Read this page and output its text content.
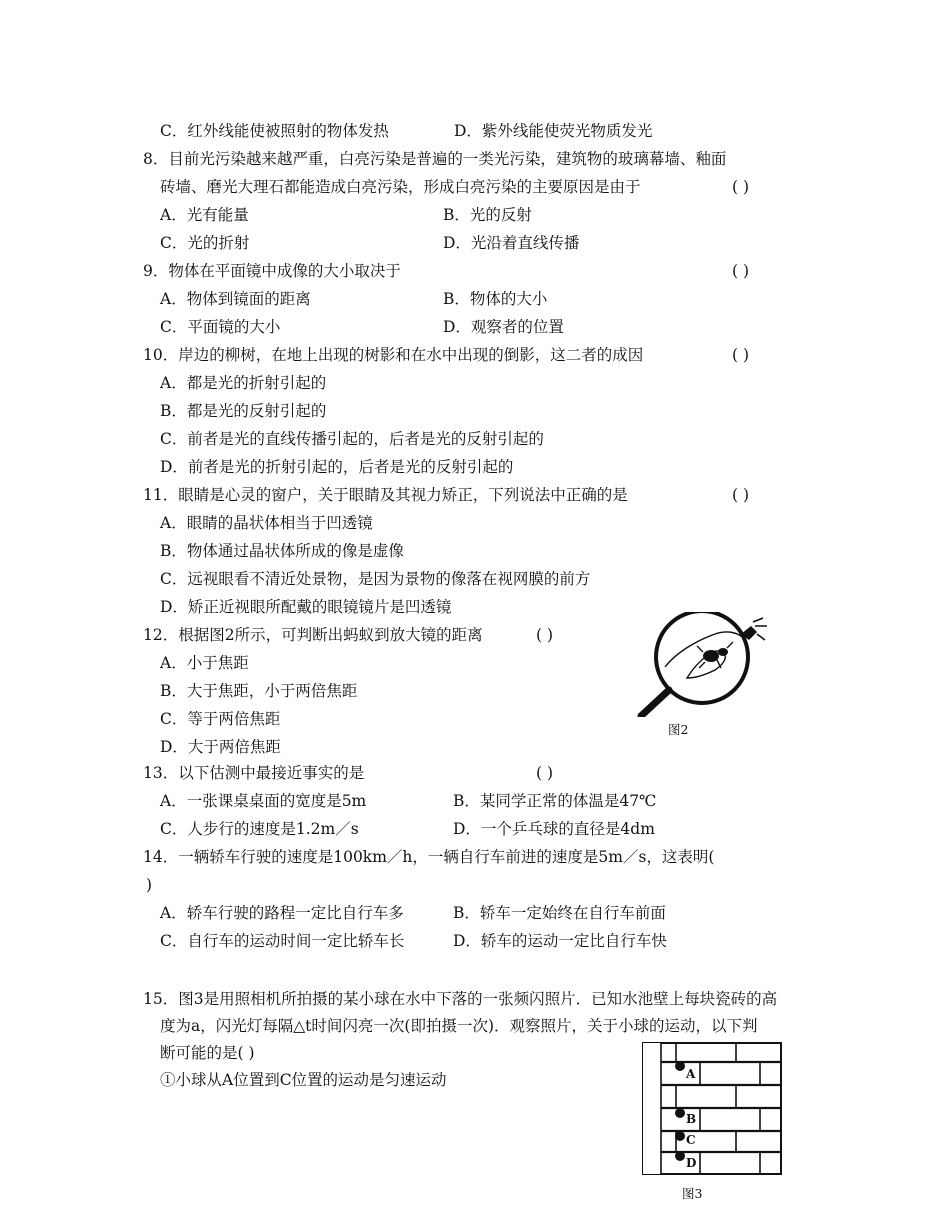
C．红外线能使被照射的物体发热	D．紫外线能使荧光物质发光
8．目前光污染越来越严重，白亮污染是普遍的一类光污染，建筑物的玻璃幕墙、釉面
砖墙、磨光大理石都能造成白亮污染，形成白亮污染的主要原因是由于	( )
A．光有能量	B．光的反射
C．光的折射	D．光沿着直线传播
9．物体在平面镜中成像的大小取决于	( )
A．物体到镜面的距离	B．物体的大小
C．平面镜的大小	D．观察者的位置
10．岸边的柳树，在地上出现的树影和在水中出现的倒影，这二者的成因	( )
A．都是光的折射引起的
B．都是光的反射引起的
C．前者是光的直线传播引起的，后者是光的反射引起的
D．前者是光的折射引起的，后者是光的反射引起的
11．眼睛是心灵的窗户，关于眼睛及其视力矫正，下列说法中正确的是	( )
A．眼睛的晶状体相当于凹透镜
B．物体通过晶状体所成的像是虚像
C．远视眼看不清近处景物，是因为景物的像落在视网膜的前方
D．矫正近视眼所配戴的眼镜镜片是凹透镜
12．根据图2所示，可判断出蚂蚁到放大镜的距离	( )
A．小于焦距
B．大于焦距，小于两倍焦距
C．等于两倍焦距
D．大于两倍焦距
图2
13．以下估测中最接近事实的是	( )
A．一张课桌桌面的宽度是5m	B．某同学正常的体温是47℃
C．人步行的速度是1.2m／s	D．一个乒乓球的直径是4dm
14．一辆轿车行驶的速度是100km／h，一辆自行车前进的速度是5m／s，这表明(
)
A．轿车行驶的路程一定比自行车多	B．轿车一定始终在自行车前面
C．自行车的运动时间一定比轿车长	D．轿车的运动一定比自行车快
15．图3是用照相机所拍摄的某小球在水中下落的一张频闪照片．已知水池壁上每块瓷砖的高
度为a，闪光灯每隔△t时间闪亮一次(即拍摄一次)．观察照片，关于小球的运动，以下判
断可能的是( )
①小球从A位置到C位置的运动是匀速运动	A
B
C
D
图3
